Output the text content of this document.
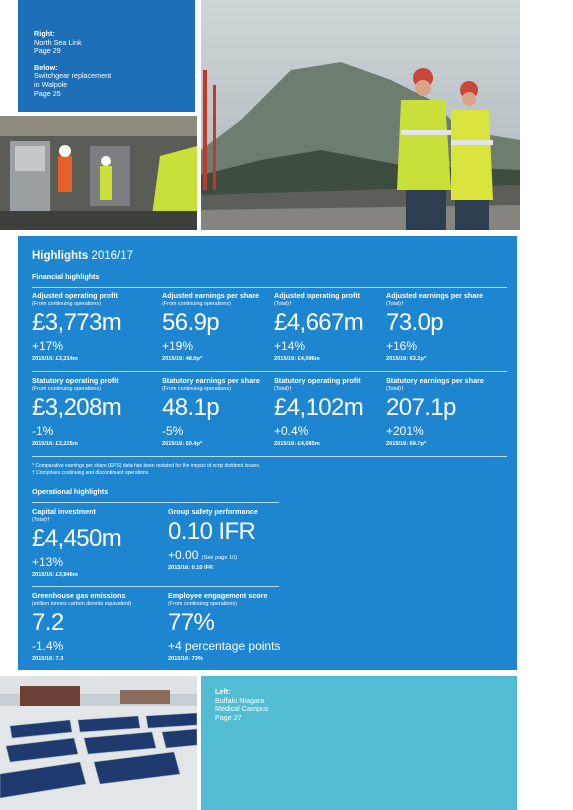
Right:
North Sea Link
Page 29
Below:
Switchgear replacement
in Walpole
Page 25
Highlights 2016/17
Financial highlights
Adjusted operating profit
(From continuing operations)
£3,773m
+17%
2015/16: £3,214m
Adjusted earnings per share
(From continuing operations)
56.9p
+19%
2015/16: 48.0p*
Adjusted operating profit
(Total)†
£4,667m
+14%
2015/16: £4,096m
Adjusted earnings per share
(Total)†
73.0p
+16%
2015/16: 63.2p*
Statutory operating profit
(From continuing operations)
£3,208m
-1%
2015/16: £3,225m
Statutory earnings per share
(From continuing operations)
48.1p
-5%
2015/16: 50.4p*
Statutory operating profit
(Total)†
£4,102m
+0.4%
2015/16: £4,085m
Statutory earnings per share
(Total)†
207.1p
+201%
2015/16: 68.7p*
* Comparative earnings per share (EPS) data has been restated for the impact of scrip dividend issues.
† Comprises continuing and discontinued operations.
Operational highlights
Capital investment
(Total)†
£4,450m
+13%
2015/16: £3,946m
Group safety performance
0.10 IFR
+0.00 (See page 10)
2015/16: 0.10 IFR
Greenhouse gas emissions
(million tonnes carbon dioxide equivalent)
7.2
-1.4%
2015/16: 7.3
Employee engagement score
(From continuing operations)
77%
+4 percentage points
2015/16: 73%
Left:
Buffalo Niagara
Medical Campus
Page 27
